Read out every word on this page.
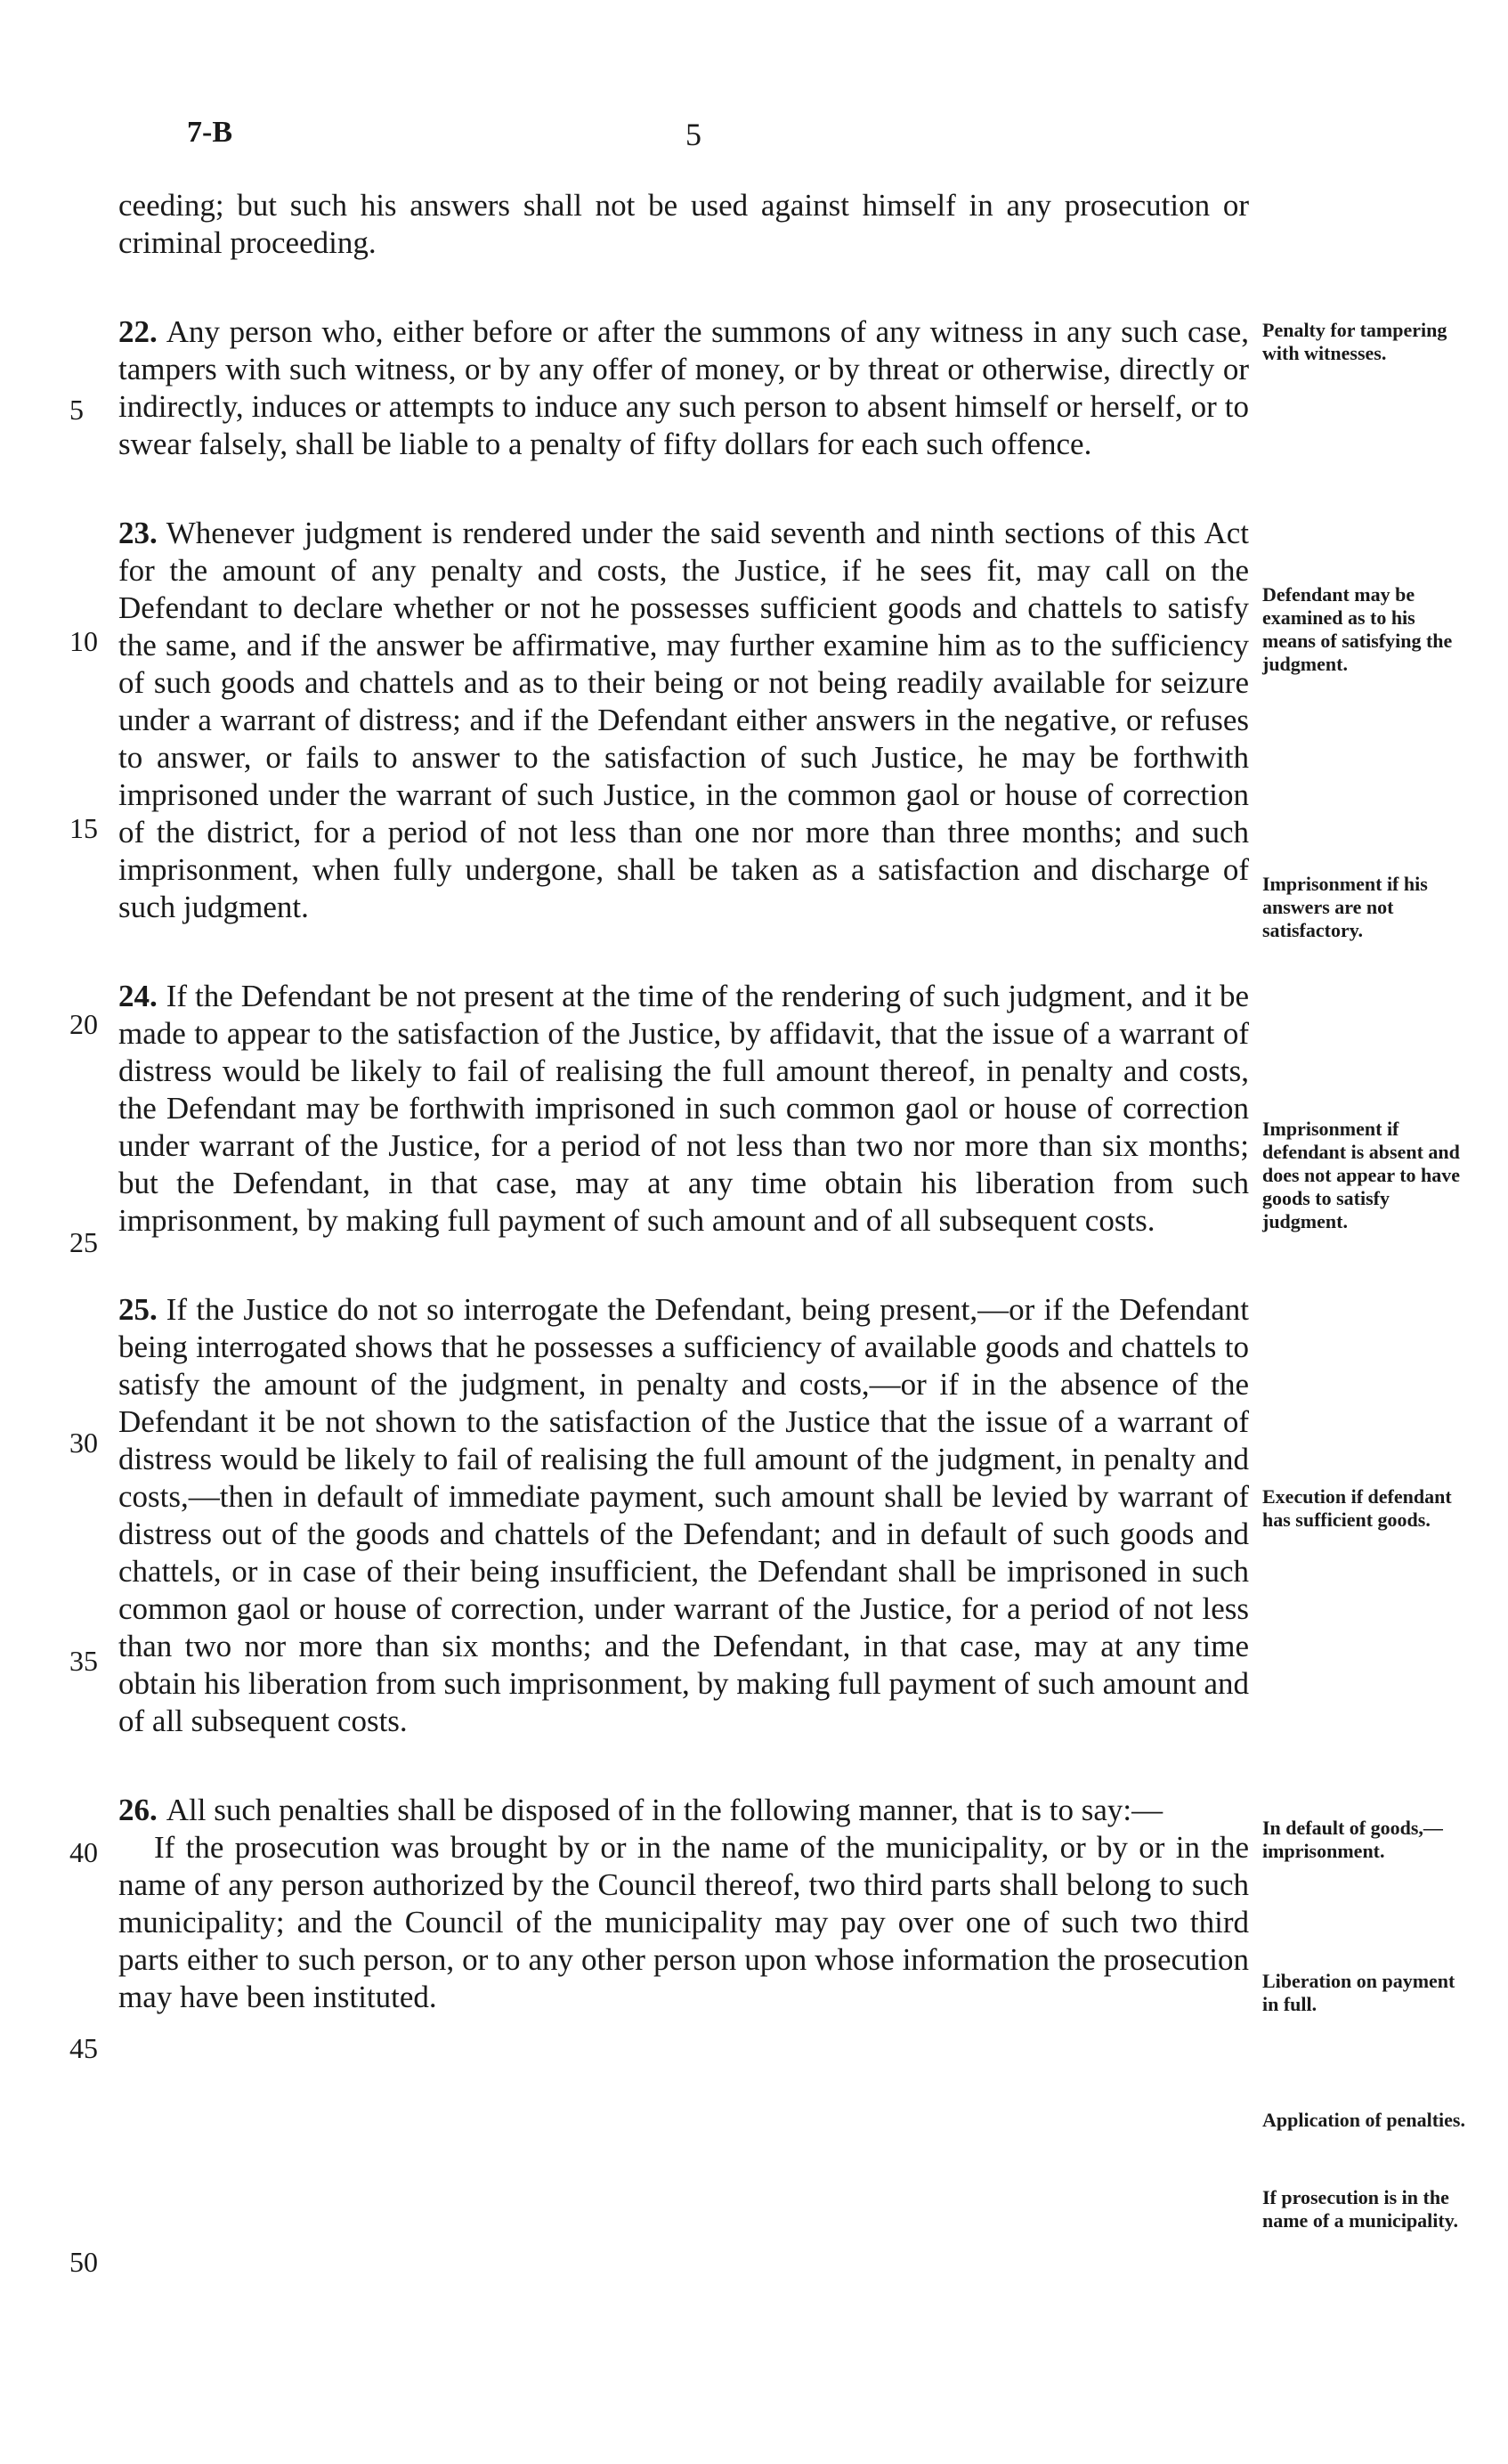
7-B	5
5
10
15
20
25
30
35
40
45
50

ceeding; but such his answers shall not be used against himself in any prosecution or criminal proceeding.

22. Any person who, either before or after the summons of any witness in any such case, tampers with such witness, or by any offer of money, or by threat or otherwise, directly or indirectly, induces or attempts to induce any such person to absent himself or herself, or to swear falsely, shall be liable to a penalty of fifty dollars for each such offence.

23. Whenever judgment is rendered under the said seventh and ninth sections of this Act for the amount of any penalty and costs, the Justice, if he sees fit, may call on the Defendant to declare whether or not he possesses sufficient goods and chattels to satisfy the same, and if the answer be affirmative, may further examine him as to the sufficiency of such goods and chattels and as to their being or not being readily available for seizure under a warrant of distress; and if the Defendant either answers in the negative, or refuses to answer, or fails to answer to the satisfaction of such Justice, he may be forthwith imprisoned under the warrant of such Justice, in the common gaol or house of correction of the district, for a period of not less than one nor more than three months; and such imprisonment, when fully undergone, shall be taken as a satisfaction and discharge of such judgment.

24. If the Defendant be not present at the time of the rendering of such judgment, and it be made to appear to the satisfaction of the Justice, by affidavit, that the issue of a warrant of distress would be likely to fail of realising the full amount thereof, in penalty and costs, the Defendant may be forthwith imprisoned in such common gaol or house of correction under warrant of the Justice, for a period of not less than two nor more than six months; but the Defendant, in that case, may at any time obtain his liberation from such imprisonment, by making full payment of such amount and of all subsequent costs.

25. If the Justice do not so interrogate the Defendant, being present,—or if the Defendant being interrogated shows that he possesses a sufficiency of available goods and chattels to satisfy the amount of the judgment, in penalty and costs,—or if in the absence of the Defendant it be not shown to the satisfaction of the Justice that the issue of a warrant of distress would be likely to fail of realising the full amount of the judgment, in penalty and costs,—then in default of immediate payment, such amount shall be levied by warrant of distress out of the goods and chattels of the Defendant; and in default of such goods and chattels, or in case of their being insufficient, the Defendant shall be imprisoned in such common gaol or house of correction, under warrant of the Justice, for a period of not less than two nor more than six months; and the Defendant, in that case, may at any time obtain his liberation from such imprisonment, by making full payment of such amount and of all subsequent costs.

26. All such penalties shall be disposed of in the following manner, that is to say:—

If the prosecution was brought by or in the name of the municipality, or by or in the name of any person authorized by the Council thereof, two third parts shall belong to such municipality; and the Council of the municipality may pay over one of such two third parts either to such person, or to any other person upon whose information the prosecution may have been instituted.

Penalty for tampering with witnesses.
Defendant may be examined as to his means of satisfying the judgment.
Imprisonment if his answers are not satisfactory.
Imprisonment if defendant is absent and does not appear to have goods to satisfy judgment.
Execution if defendant has sufficient goods.
In default of goods,—imprisonment.
Liberation on payment in full.
Application of penalties.
If prosecution is in the name of a municipality.
